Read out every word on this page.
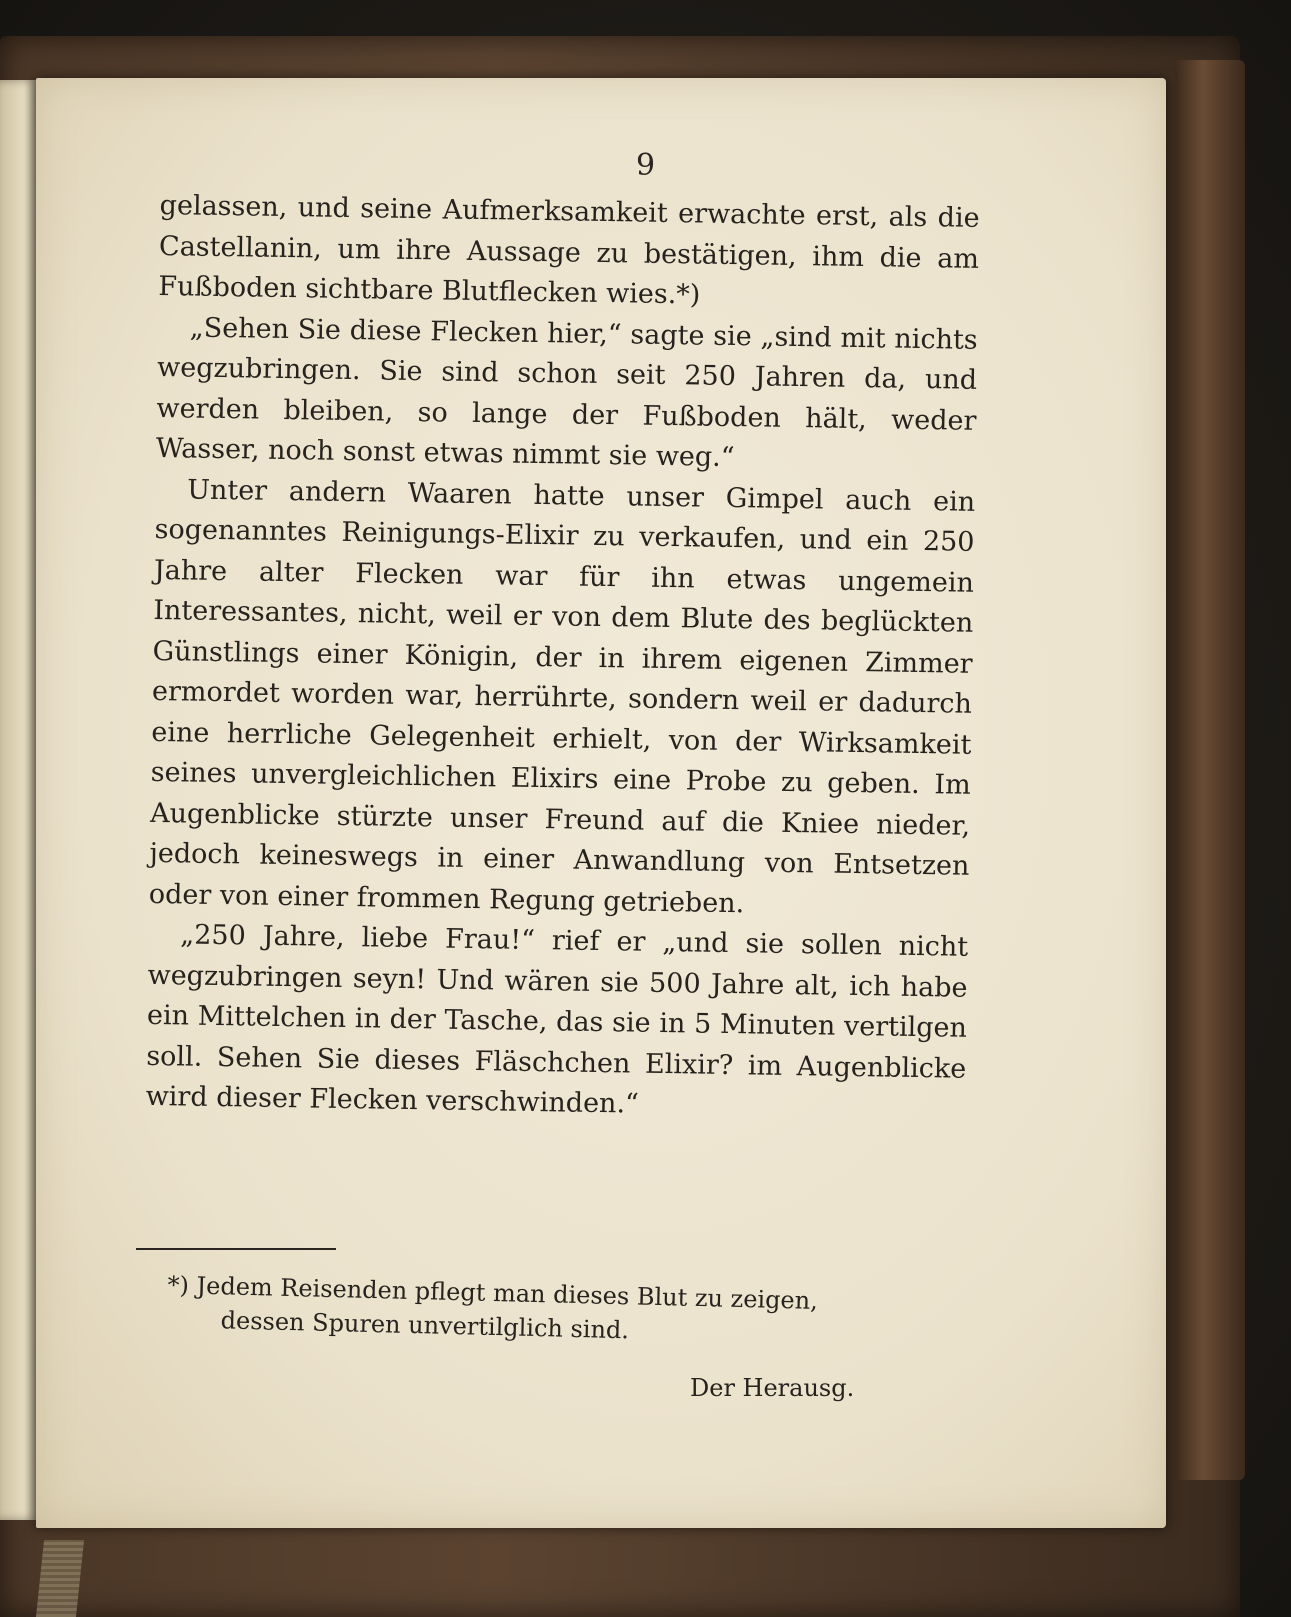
9

gelassen, und seine Aufmerksamkeit erwachte erst, als die Castellanin, um ihre Aussage zu bestätigen, ihm die am Fußboden sichtbare Blutflecken wies.*)

„Sehen Sie diese Flecken hier,“ sagte sie „sind mit nichts wegzubringen. Sie sind schon seit 250 Jahren da, und werden bleiben, so lange der Fußboden hält, weder Wasser, noch sonst etwas nimmt sie weg.“

Unter andern Waaren hatte unser Gimpel auch ein sogenanntes Reinigungs-Elixir zu verkaufen, und ein 250 Jahre alter Flecken war für ihn etwas ungemein Interessantes, nicht, weil er von dem Blute des beglückten Günstlings einer Königin, der in ihrem eigenen Zimmer ermordet worden war, herrührte, sondern weil er dadurch eine herrliche Gelegenheit erhielt, von der Wirksamkeit seines unvergleichlichen Elixirs eine Probe zu geben. Im Augenblicke stürzte unser Freund auf die Kniee nieder, jedoch keineswegs in einer Anwandlung von Entsetzen oder von einer frommen Regung getrieben.

„250 Jahre, liebe Frau!“ rief er „und sie sollen nicht wegzubringen seyn! Und wären sie 500 Jahre alt, ich habe ein Mittelchen in der Tasche, das sie in 5 Minuten vertilgen soll. Sehen Sie dieses Fläschchen Elixir? im Augenblicke wird dieser Flecken verschwinden.“

*) Jedem Reisenden pflegt man dieses Blut zu zeigen,
dessen Spuren unvertilglich sind.
Der Herausg.
